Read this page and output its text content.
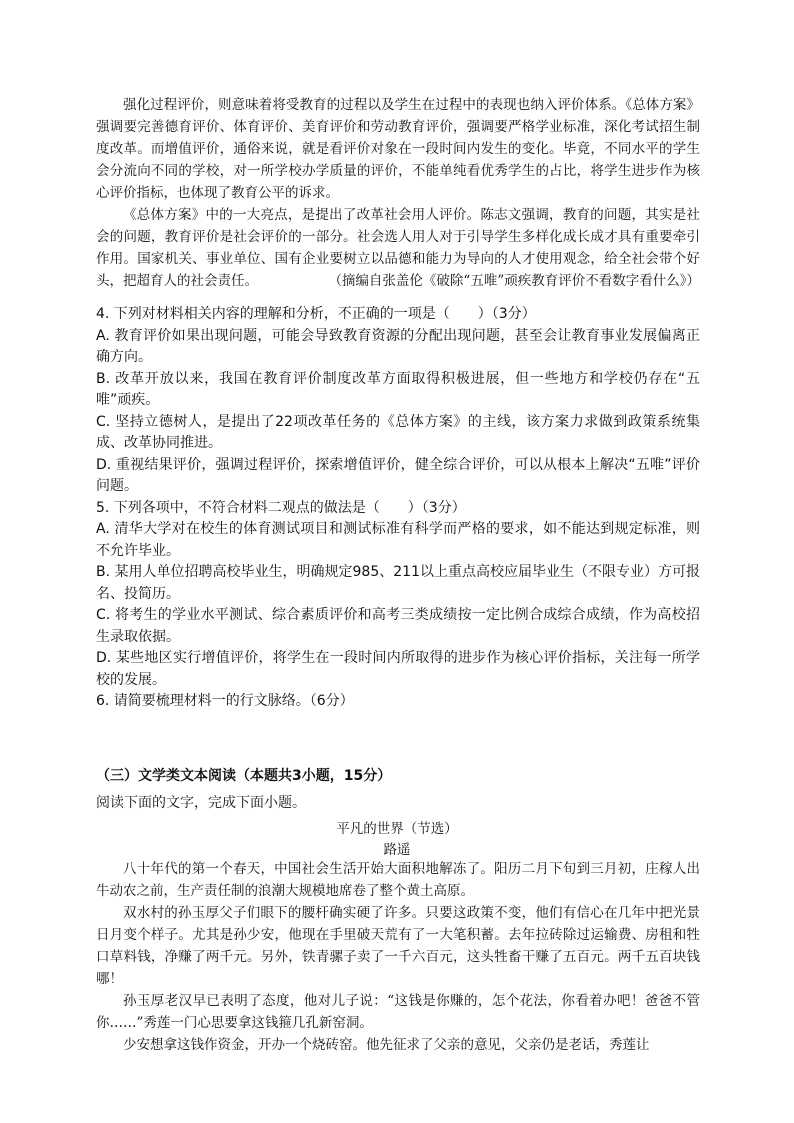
强化过程评价，则意味着将受教育的过程以及学生在过程中的表现也纳入评价体系。《总体方案》强调要完善德育评价、体育评价、美育评价和劳动教育评价，强调要严格学业标准，深化考试招生制度改革。而增值评价，通俗来说，就是看评价对象在一段时间内发生的变化。毕竟，不同水平的学生会分流向不同的学校，对一所学校办学质量的评价，不能单纯看优秀学生的占比，将学生进步作为核心评价指标，也体现了教育公平的诉求。
《总体方案》中的一大亮点，是提出了改革社会用人评价。陈志文强调，教育的问题，其实是社会的问题，教育评价是社会评价的一部分。社会选人用人对于引导学生多样化成长成才具有重要牵引作用。国家机关、事业单位、国有企业要树立以品德和能力为导向的人才使用观念，给全社会带个好头，把超育人的社会责任。	（摘编自张盖伦《破除“五唯”顽疾教育评价不看数字看什么》）

4. 下列对材料相关内容的理解和分析，不正确的一项是（　　）（3分）

A. 教育评价如果出现问题，可能会导致教育资源的分配出现问题，甚至会让教育事业发展偏离正确方向。

B. 改革开放以来，我国在教育评价制度改革方面取得积极进展，但一些地方和学校仍存在“五唯”顽疾。

C. 坚持立德树人，是提出了22项改革任务的《总体方案》的主线，该方案力求做到政策系统集成、改革协同推进。

D. 重视结果评价，强调过程评价，探索增值评价，健全综合评价，可以从根本上解决“五唯”评价问题。

5. 下列各项中，不符合材料二观点的做法是（　　）（3分）

A. 清华大学对在校生的体育测试项目和测试标准有科学而严格的要求，如不能达到规定标准，则不允许毕业。

B. 某用人单位招聘高校毕业生，明确规定985、211以上重点高校应届毕业生（不限专业）方可报名、投简历。

C. 将考生的学业水平测试、综合素质评价和高考三类成绩按一定比例合成综合成绩，作为高校招生录取依据。

D. 某些地区实行增值评价，将学生在一段时间内所取得的进步作为核心评价指标，关注每一所学校的发展。

6. 请简要梳理材料一的行文脉络。（6分）

（三）文学类文本阅读（本题共3小题，15分）
阅读下面的文字，完成下面小题。
平凡的世界（节选）
路遥

八十年代的第一个春天，中国社会生活开始大面积地解冻了。阳历二月下旬到三月初，庄稼人出牛动农之前，生产责任制的浪潮大规模地席卷了整个黄土高原。

双水村的孙玉厚父子们眼下的腰杆确实硬了许多。只要这政策不变，他们有信心在几年中把光景日月变个样子。尤其是孙少安，他现在手里破天荒有了一大笔积蓄。去年拉砖除过运输费、房租和牲口草料钱，净赚了两千元。另外，铁青骡子卖了一千六百元，这头牲畜干赚了五百元。两千五百块钱哪！

孙玉厚老汉早已表明了态度，他对儿子说：“这钱是你赚的，怎个花法，你看着办吧！爸爸不管你……”秀莲一门心思要拿这钱箍几孔新窑洞。

少安想拿这钱作资金，开办一个烧砖窑。他先征求了父亲的意见，父亲仍是老话，秀莲让
